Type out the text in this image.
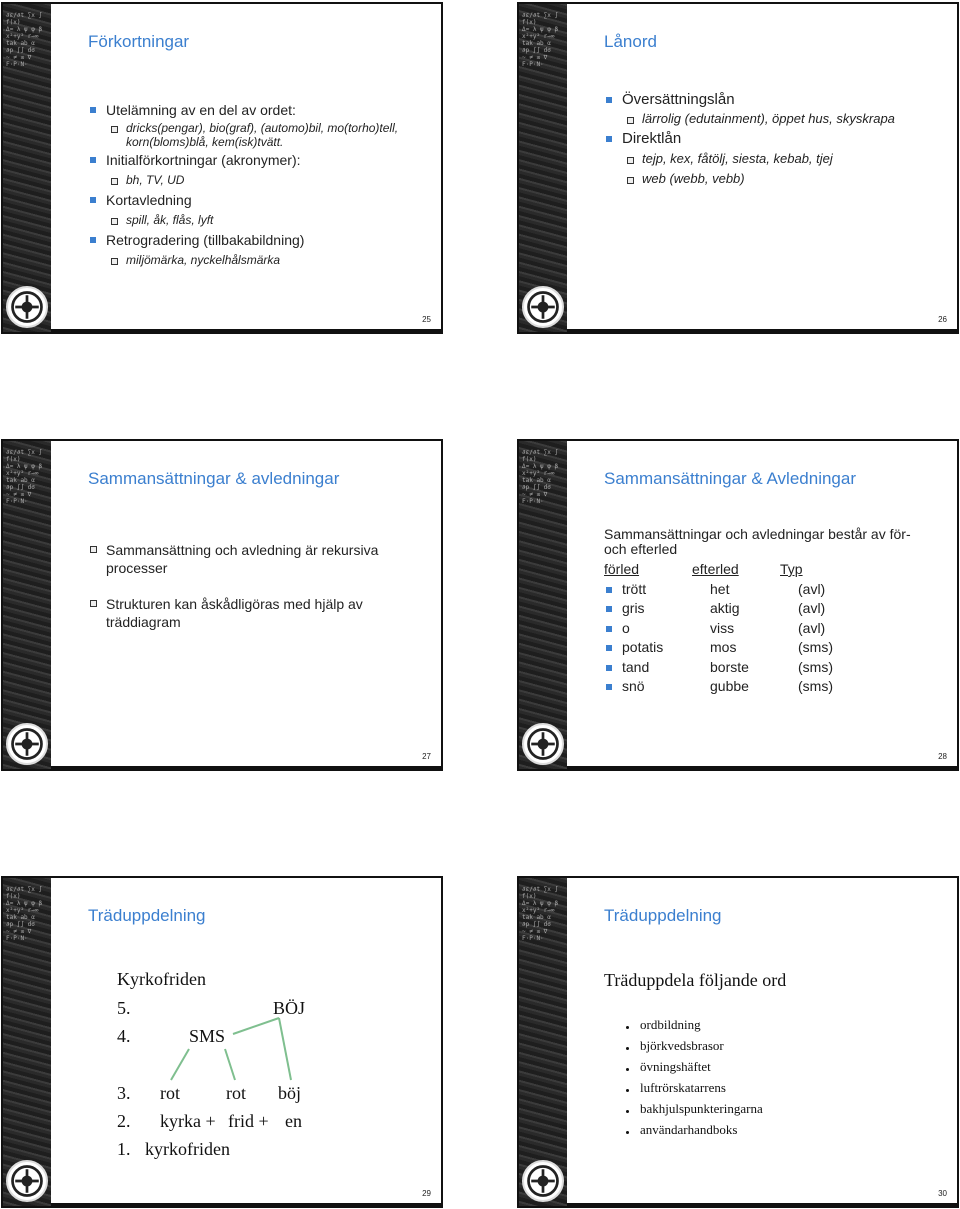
∂ε/∂t ∑x ∫ f(x)
Δ≈ λ ψ φ β
x²+y² r→∞
tak ab α
∂p ∫∫ dσ
~ ≠ ≤ ∇
F·P·N·
Förkortningar
Utelämning av en del av ordet:
dricks(pengar), bio(graf), (automo)bil, mo(torho)tell, korn(bloms)blå, kem(isk)tvätt.
Initialförkortningar (akronymer):
bh, TV, UD
Kortavledning
spill, åk, flås, lyft
Retrogradering (tillbakabildning)
miljömärka, nyckelhålsmärka
25
∂ε/∂t ∑x ∫ f(x)
Δ≈ λ ψ φ β
x²+y² r→∞
tak ab α
∂p ∫∫ dσ
~ ≠ ≤ ∇
F·P·N·
Lånord
Översättningslån
lärrolig (edutainment), öppet hus, skyskrapa
Direktlån
tejp, kex, fåtölj, siesta, kebab, tjej
web (webb, vebb)
26
∂ε/∂t ∑x ∫ f(x)
Δ≈ λ ψ φ β
x²+y² r→∞
tak ab α
∂p ∫∫ dσ
~ ≠ ≤ ∇
F·P·N·
Sammansättningar & avledningar
Sammansättning och avledning är rekursiva processer
Strukturen kan åskådligöras med hjälp av träddiagram
27
∂ε/∂t ∑x ∫ f(x)
Δ≈ λ ψ φ β
x²+y² r→∞
tak ab α
∂p ∫∫ dσ
~ ≠ ≤ ∇
F·P·N·
Sammansättningar & Avledningar
Sammansättningar och avledningar består av för- och efterled
förled	efterled	Typ
trött	het	(avl)
gris	aktig	(avl)
o	viss	(avl)
potatis	mos	(sms)
tand	borste	(sms)
snö	gubbe	(sms)
28
∂ε/∂t ∑x ∫ f(x)
Δ≈ λ ψ φ β
x²+y² r→∞
tak ab α
∂p ∫∫ dσ
~ ≠ ≤ ∇
F·P·N·
Träduppdelning
Kyrkofriden
5.	BÖJ
4.	SMS
3. rot	rot böj
2. kyrka + frid + en
1. kyrkofriden
29
∂ε/∂t ∑x ∫ f(x)
Δ≈ λ ψ φ β
x²+y² r→∞
tak ab α
∂p ∫∫ dσ
~ ≠ ≤ ∇
F·P·N·
Träduppdelning
Träduppdela följande ord
ordbildning
björkvedsbrasor
övningshäftet
luftrörskatarrens
bakhjulspunkteringarna
användarhandboks
30
